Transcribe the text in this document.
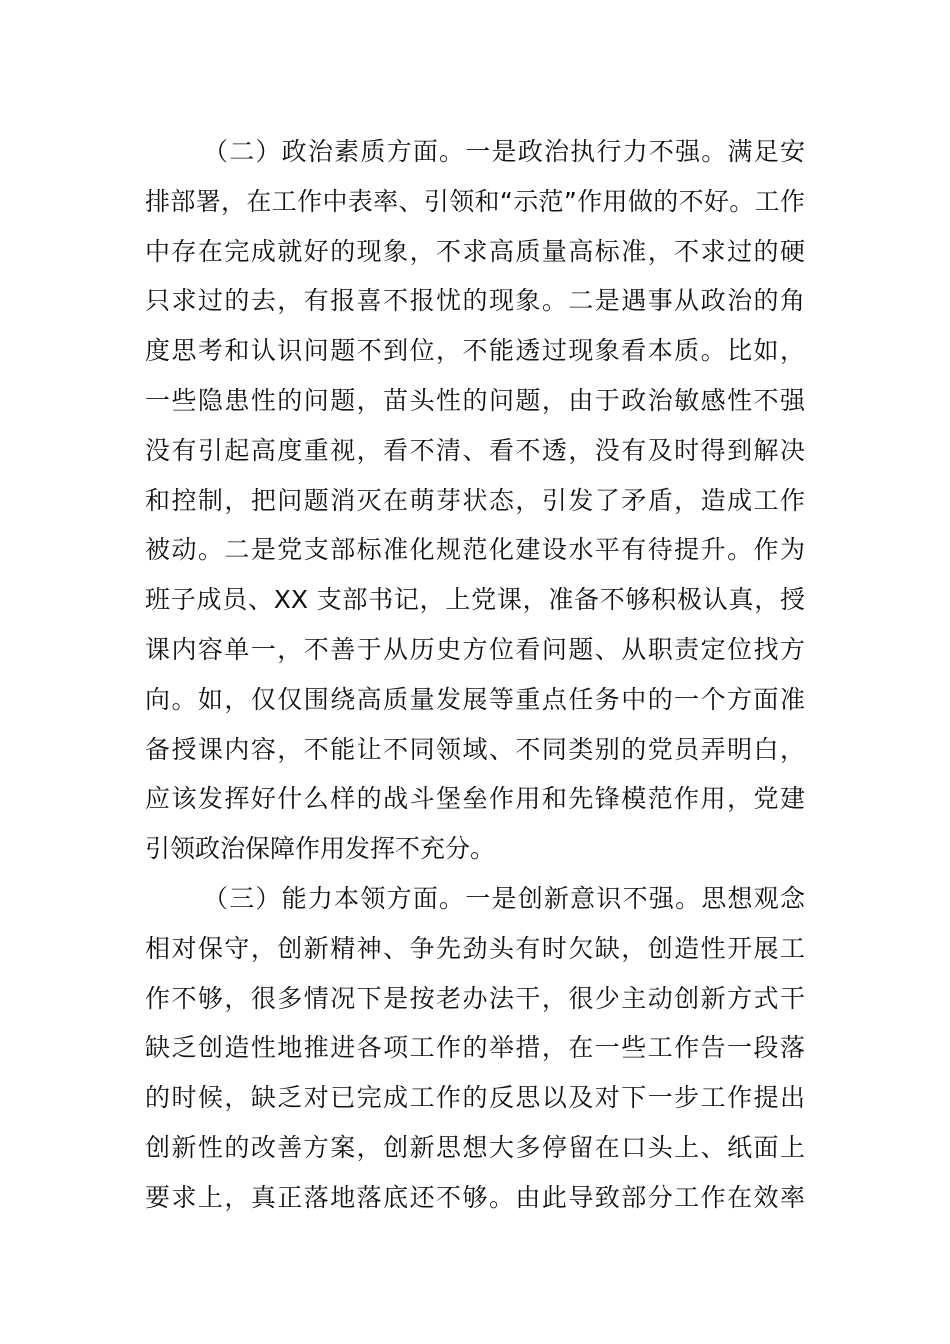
（二）政治素质方面。一是政治执行力不强。满足安
排部署，在工作中表率、引领和“示范”作用做的不好。工作
中存在完成就好的现象，不求高质量高标准，不求过的硬
只求过的去，有报喜不报忧的现象。二是遇事从政治的角
度思考和认识问题不到位，不能透过现象看本质。比如，
一些隐患性的问题，苗头性的问题，由于政治敏感性不强
没有引起高度重视，看不清、看不透，没有及时得到解决
和控制，把问题消灭在萌芽状态，引发了矛盾，造成工作
被动。二是党支部标准化规范化建设水平有待提升。作为
班子成员、XX 支部书记，上党课，准备不够积极认真，授
课内容单一，不善于从历史方位看问题、从职责定位找方
向。如，仅仅围绕高质量发展等重点任务中的一个方面准
备授课内容，不能让不同领域、不同类别的党员弄明白，
应该发挥好什么样的战斗堡垒作用和先锋模范作用，党建
引领政治保障作用发挥不充分。
（三）能力本领方面。一是创新意识不强。思想观念
相对保守，创新精神、争先劲头有时欠缺，创造性开展工
作不够，很多情况下是按老办法干，很少主动创新方式干
缺乏创造性地推进各项工作的举措，在一些工作告一段落
的时候，缺乏对已完成工作的反思以及对下一步工作提出
创新性的改善方案，创新思想大多停留在口头上、纸面上
要求上，真正落地落底还不够。由此导致部分工作在效率
